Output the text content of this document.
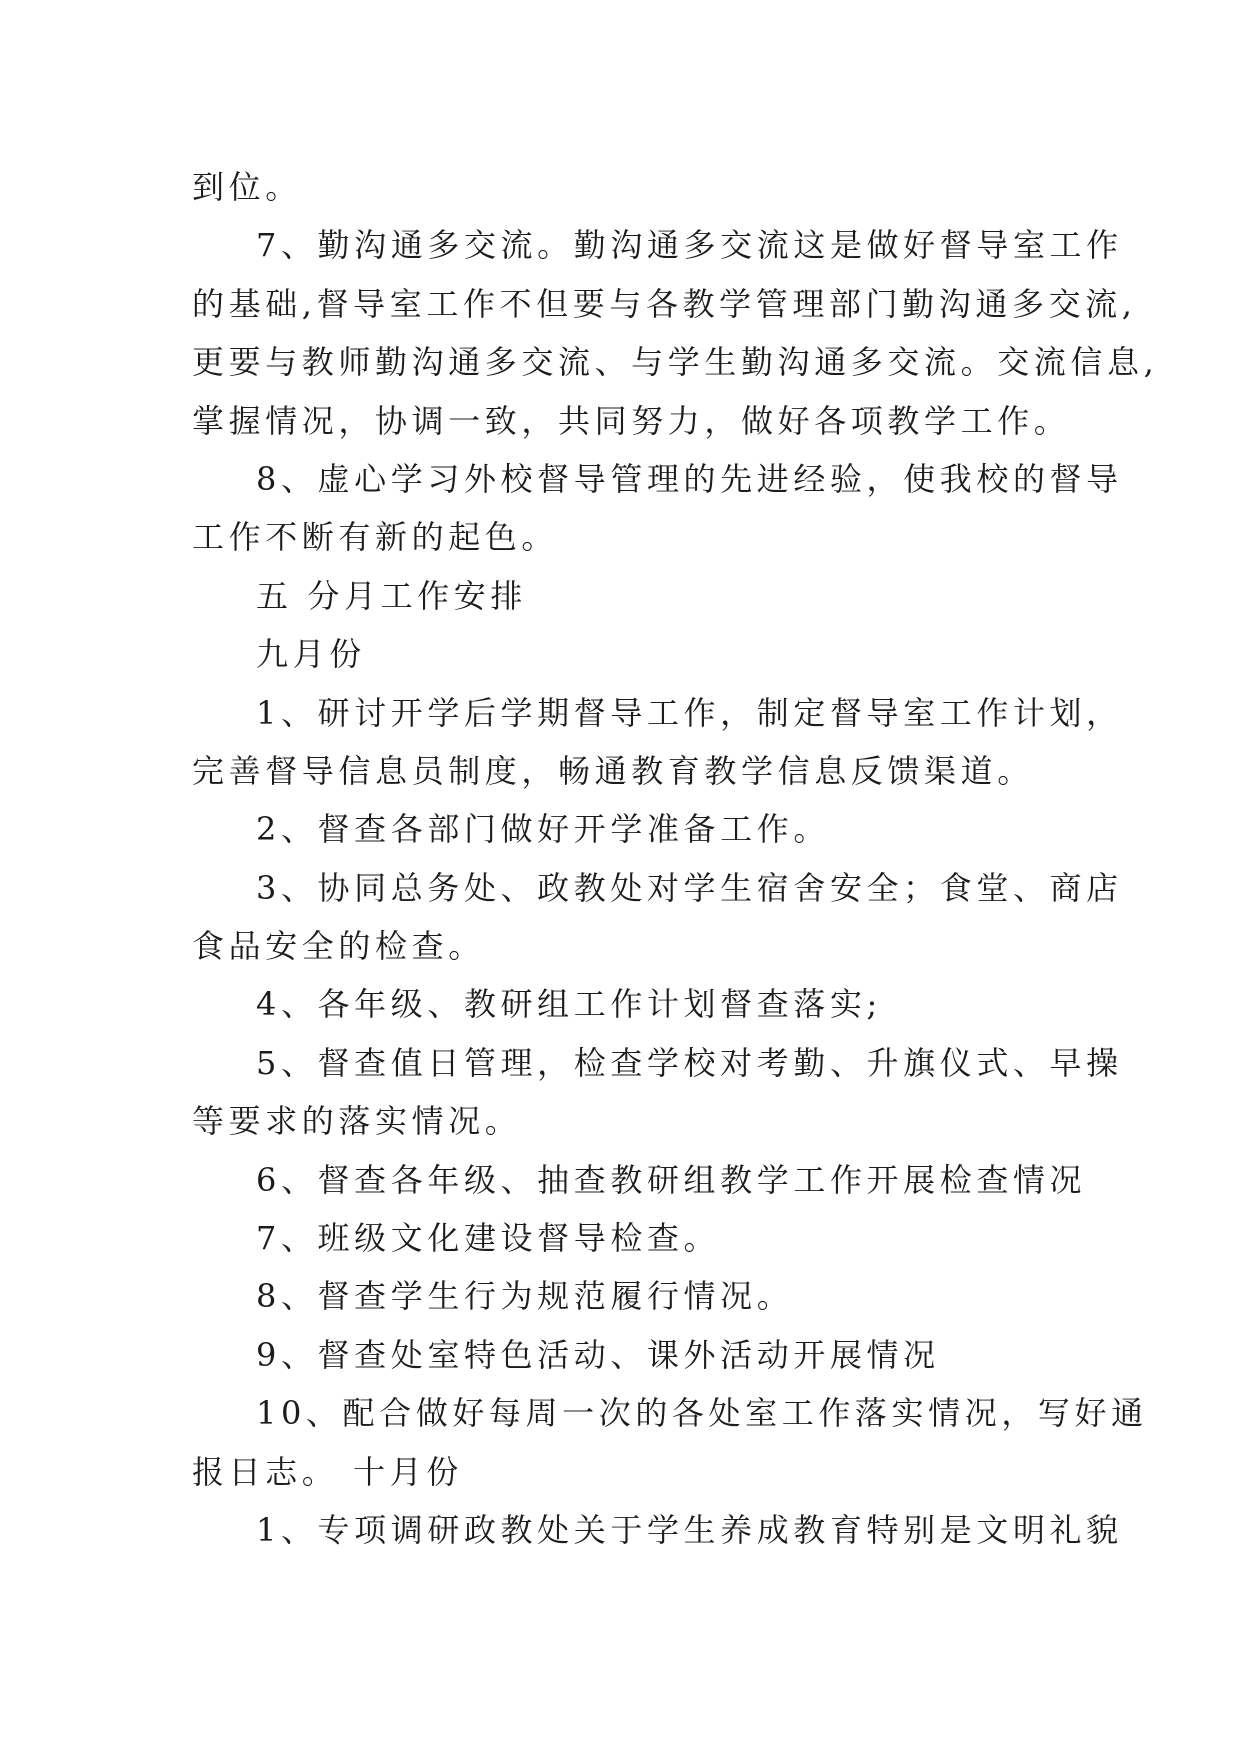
到位。
7、勤沟通多交流。勤沟通多交流这是做好督导室工作
的基础,督导室工作不但要与各教学管理部门勤沟通多交流,
更要与教师勤沟通多交流、与学生勤沟通多交流。交流信息,
掌握情况，协调一致，共同努力，做好各项教学工作。
8、虚心学习外校督导管理的先进经验，使我校的督导
工作不断有新的起色。
五 分月工作安排
九月份
1、研讨开学后学期督导工作，制定督导室工作计划，
完善督导信息员制度，畅通教育教学信息反馈渠道。
2、督查各部门做好开学准备工作。
3、协同总务处、政教处对学生宿舍安全；食堂、商店
食品安全的检查。
4、各年级、教研组工作计划督查落实;
5、督查值日管理，检查学校对考勤、升旗仪式、早操
等要求的落实情况。
6、督查各年级、抽查教研组教学工作开展检查情况
7、班级文化建设督导检查。
8、督查学生行为规范履行情况。
9、督查处室特色活动、课外活动开展情况
10、配合做好每周一次的各处室工作落实情况，写好通
报日志。 十月份
1、专项调研政教处关于学生养成教育特别是文明礼貌
